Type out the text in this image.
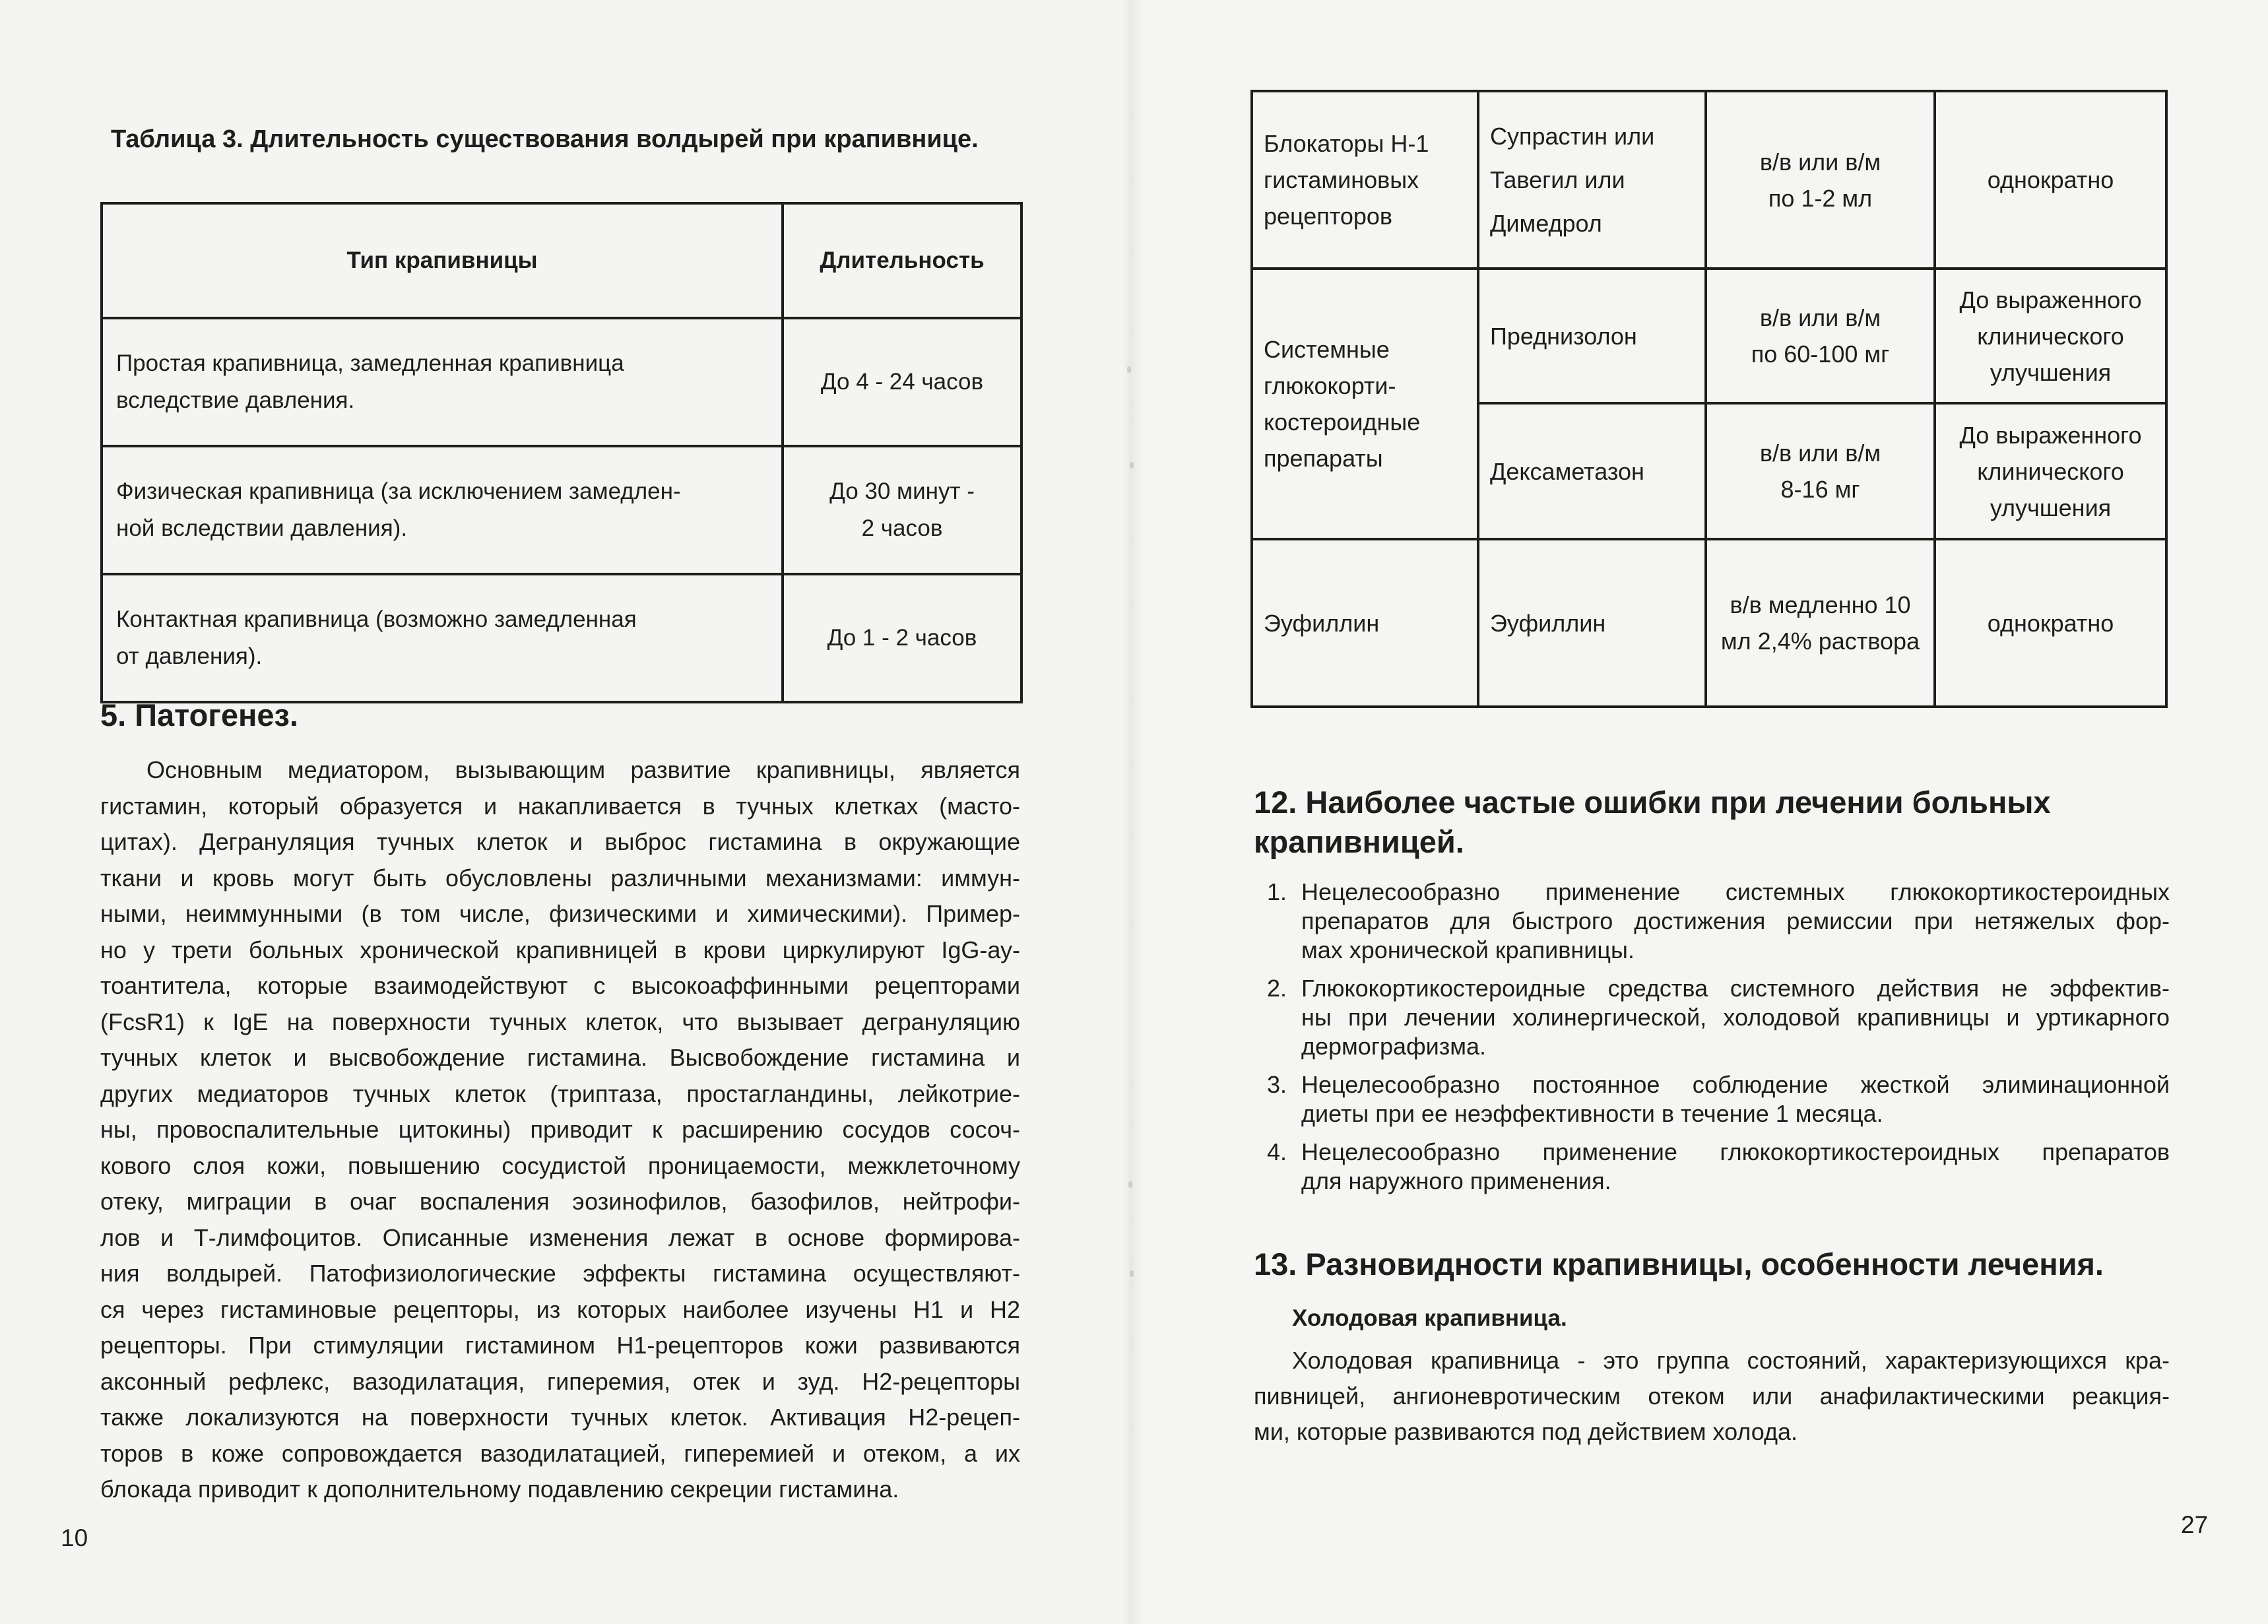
Таблица 3. Длительность существования волдырей при крапивнице.
Тип крапивницы	Длительность

Простая крапивница, замедленная крапивница
вследствие давления.	До 4 - 24 часов

Физическая крапивница (за исключением замедлен-
ной вследствии давления).	До 30 минут -
2 часов

Контактная крапивница (возможно замедленная
от давления).	До 1 - 2 часов
5. Патогенез.
Основным медиатором, вызывающим развитие крапивницы, является
гистамин, который образуется и накапливается в тучных клетках (масто-
цитах). Дегрануляция тучных клеток и выброс гистамина в окружающие
ткани и кровь могут быть обусловлены различными механизмами: иммун-
ными, неиммунными (в том числе, физическими и химическими). Пример-
но у трети больных хронической крапивницей в крови циркулируют IgG-ау-
тоантитела, которые взаимодействуют с высокоаффинными рецепторами
(FcsR1) к IgE на поверхности тучных клеток, что вызывает дегрануляцию
тучных клеток и высвобождение гистамина. Высвобождение гистамина и
других медиаторов тучных клеток (триптаза, простагландины, лейкотрие-
ны, провоспалительные цитокины) приводит к расширению сосудов сосоч-
кового слоя кожи, повышению сосудистой проницаемости, межклеточному
отеку, миграции в очаг воспаления эозинофилов, базофилов, нейтрофи-
лов и Т-лимфоцитов. Описанные изменения лежат в основе формирова-
ния волдырей. Патофизиологические эффекты гистамина осуществляют-
ся через гистаминовые рецепторы, из которых наиболее изучены Н1 и Н2
рецепторы. При стимуляции гистамином Н1-рецепторов кожи развиваются
аксонный рефлекс, вазодилатация, гиперемия, отек и зуд. Н2-рецепторы
также локализуются на поверхности тучных клеток. Активация Н2-рецеп-
торов в коже сопровождается вазодилатацией, гиперемией и отеком, а их
блокада приводит к дополнительному подавлению секреции гистамина.
10
Блокаторы Н-1
гистаминовых
рецепторов	Супрастин или
Тавегил или
Димедрол	в/в или в/м
по 1-2 мл	однократно

Системные
глюкокорти-
костероидные
препараты	Преднизолон	в/в или в/м
по 60-100 мг	До выраженного
клинического
улучшения

	Дексаметазон	в/в или в/м
8-16 мг	До выраженного
клинического
улучшения

Эуфиллин	Эуфиллин	в/в медленно 10
мл 2,4% раствора	однократно
12. Наиболее частые ошибки при лечении больных
крапивницей.
1. Нецелесообразно применение системных глюкокортикостероидных
препаратов для быстрого достижения ремиссии при нетяжелых фор-
мах хронической крапивницы.
2. Глюкокортикостероидные средства системного действия не эффектив-
ны при лечении холинергической, холодовой крапивницы и уртикарного
дермографизма.
3. Нецелесообразно постоянное соблюдение жесткой элиминационной
диеты при ее неэффективности в течение 1 месяца.
4. Нецелесообразно применение глюкокортикостероидных препаратов
для наружного применения.
13. Разновидности крапивницы, особенности лечения.
Холодовая крапивница.
Холодовая крапивница - это группа состояний, характеризующихся кра-
пивницей, ангионевротическим отеком или анафилактическими реакция-
ми, которые развиваются под действием холода.
27
